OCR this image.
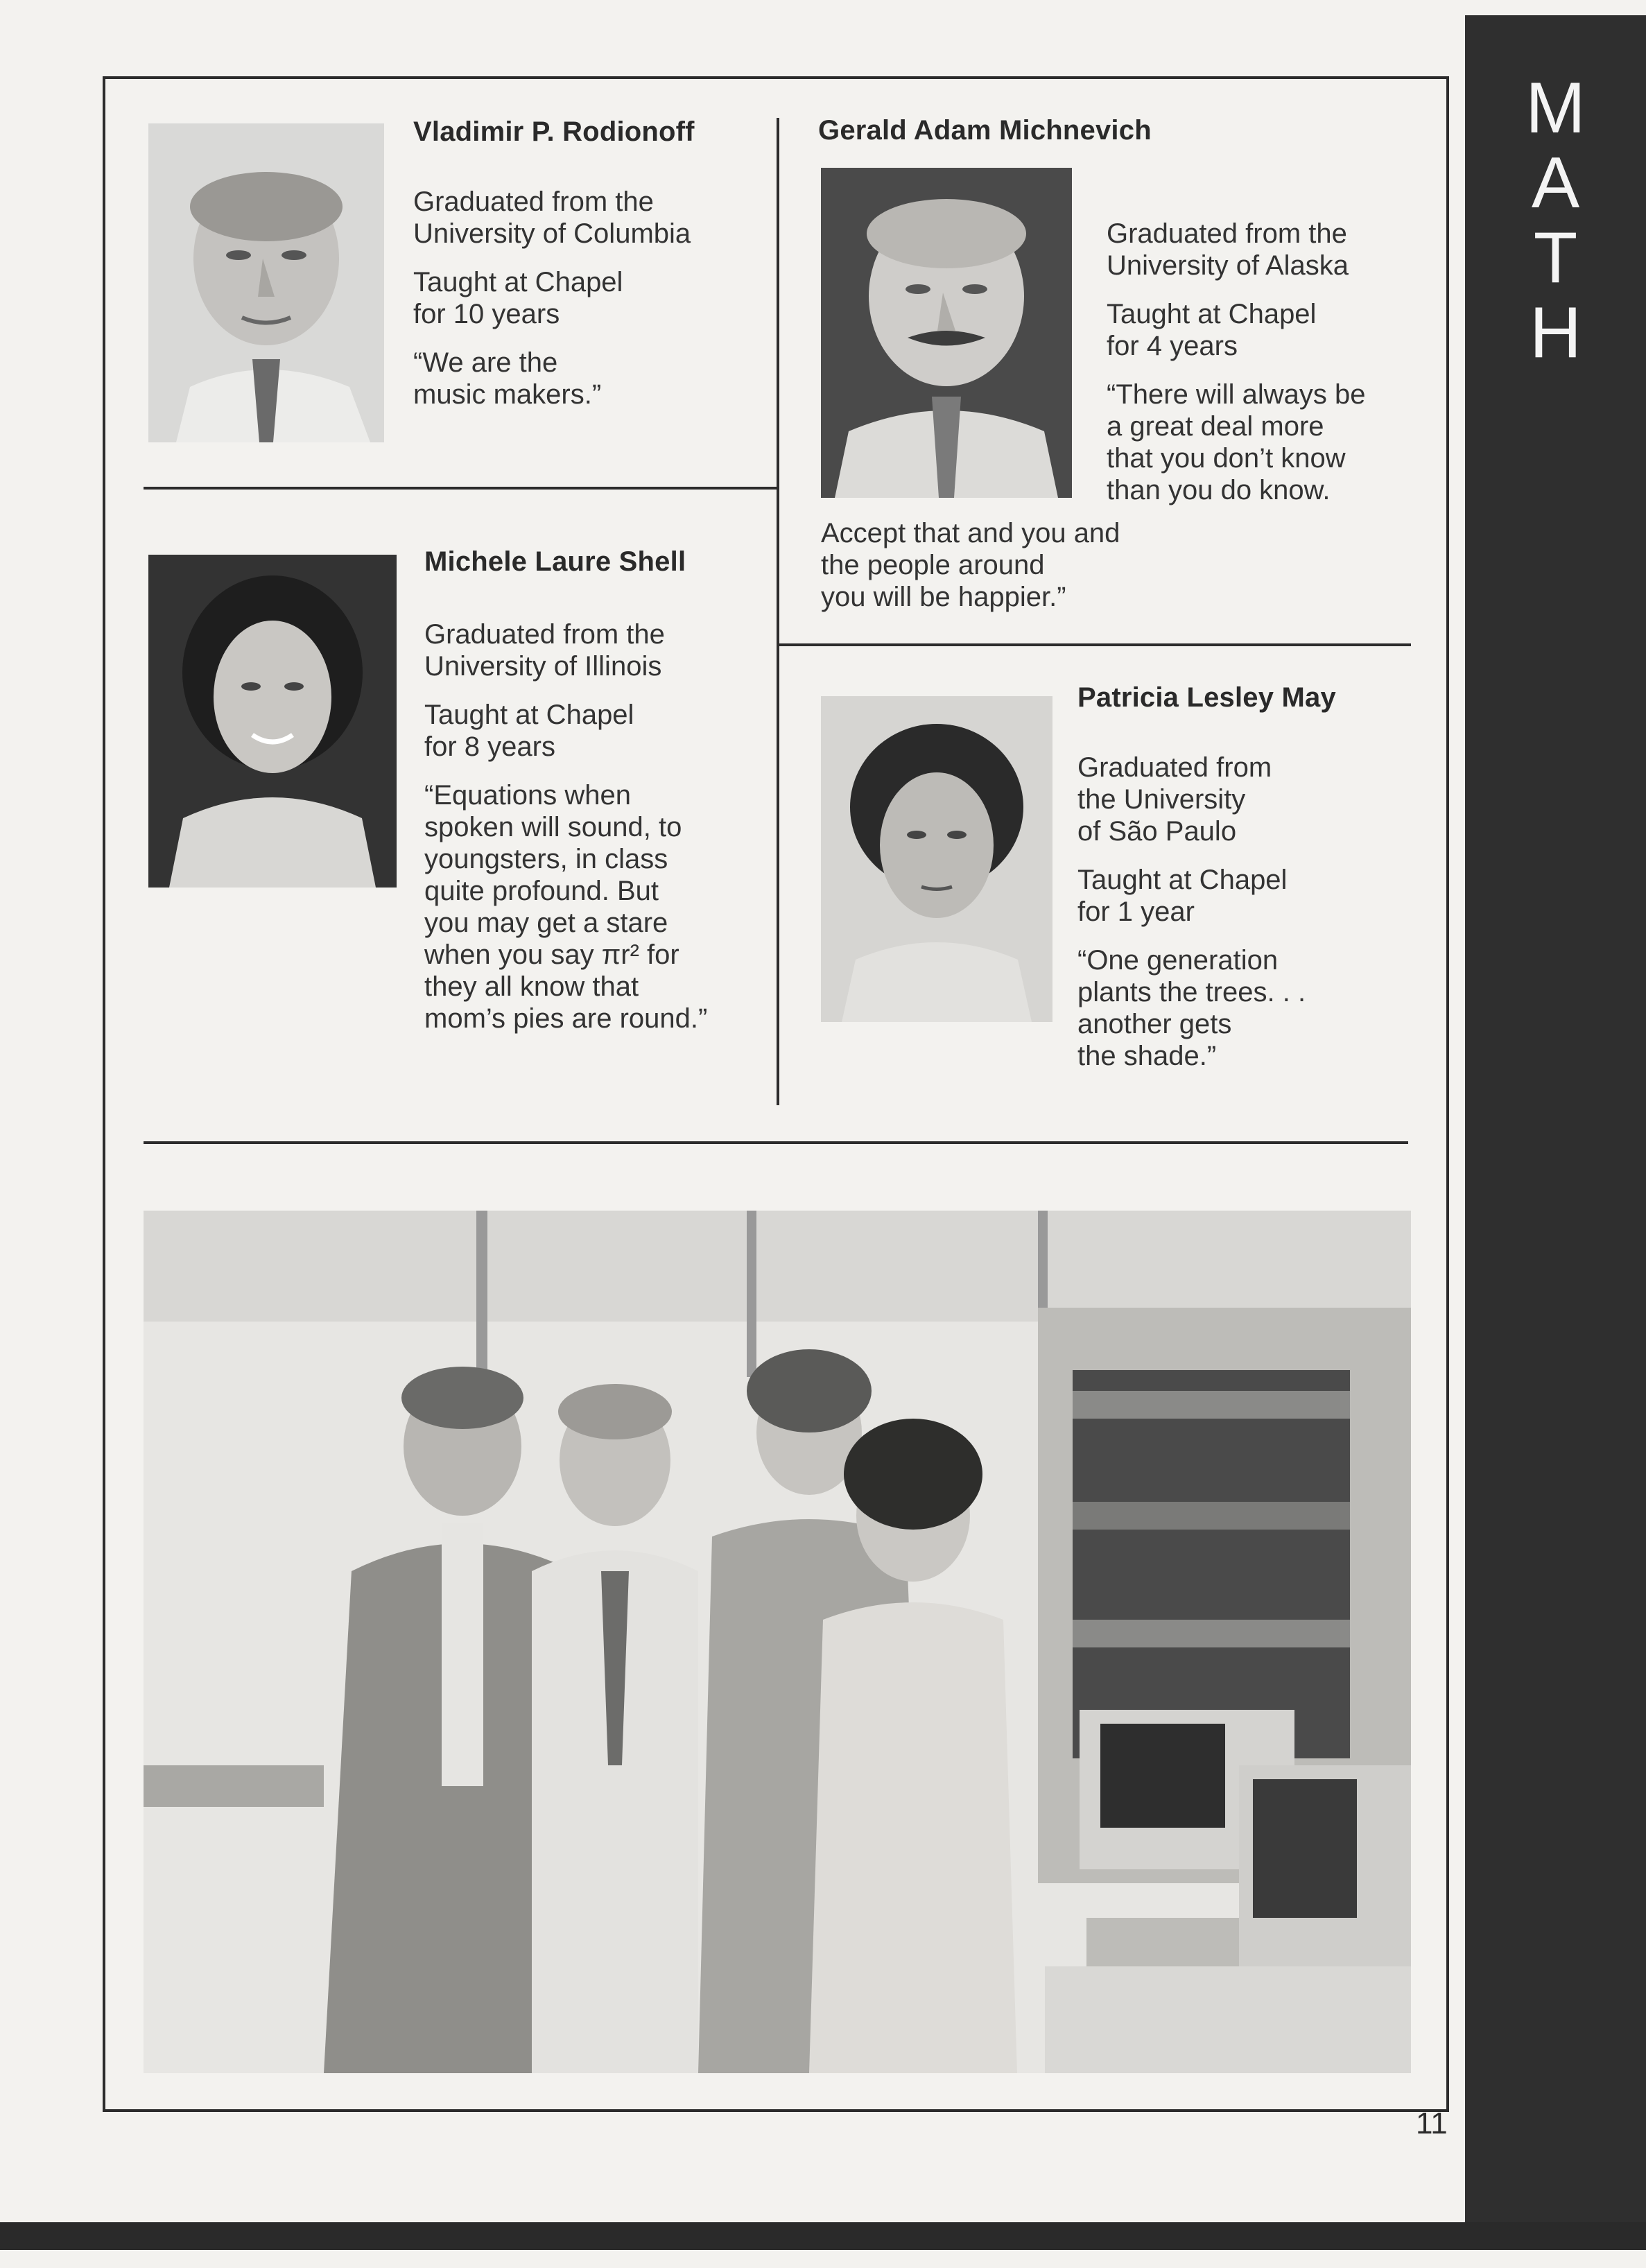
M
A
T
H
Vladimir P. Rodionoff
Graduated from the
University of Columbia
Taught at Chapel
for 10 years
“We are the
music makers.”
Gerald Adam Michnevich
Graduated from the
University of Alaska
Taught at Chapel
for 4 years
“There will always be
a great deal more
that you don’t know
than you do know.
Accept that and you and
the people around
you will be happier.”
Michele Laure Shell
Graduated from the
University of Illinois
Taught at Chapel
for 8 years
“Equations when
spoken will sound, to
youngsters, in class
quite profound. But
you may get a stare
when you say πr² for
they all know that
mom’s pies are round.”
Patricia Lesley May
Graduated from
the University
of São Paulo
Taught at Chapel
for 1 year
“One generation
plants the trees. . .
another gets
the shade.”
11
